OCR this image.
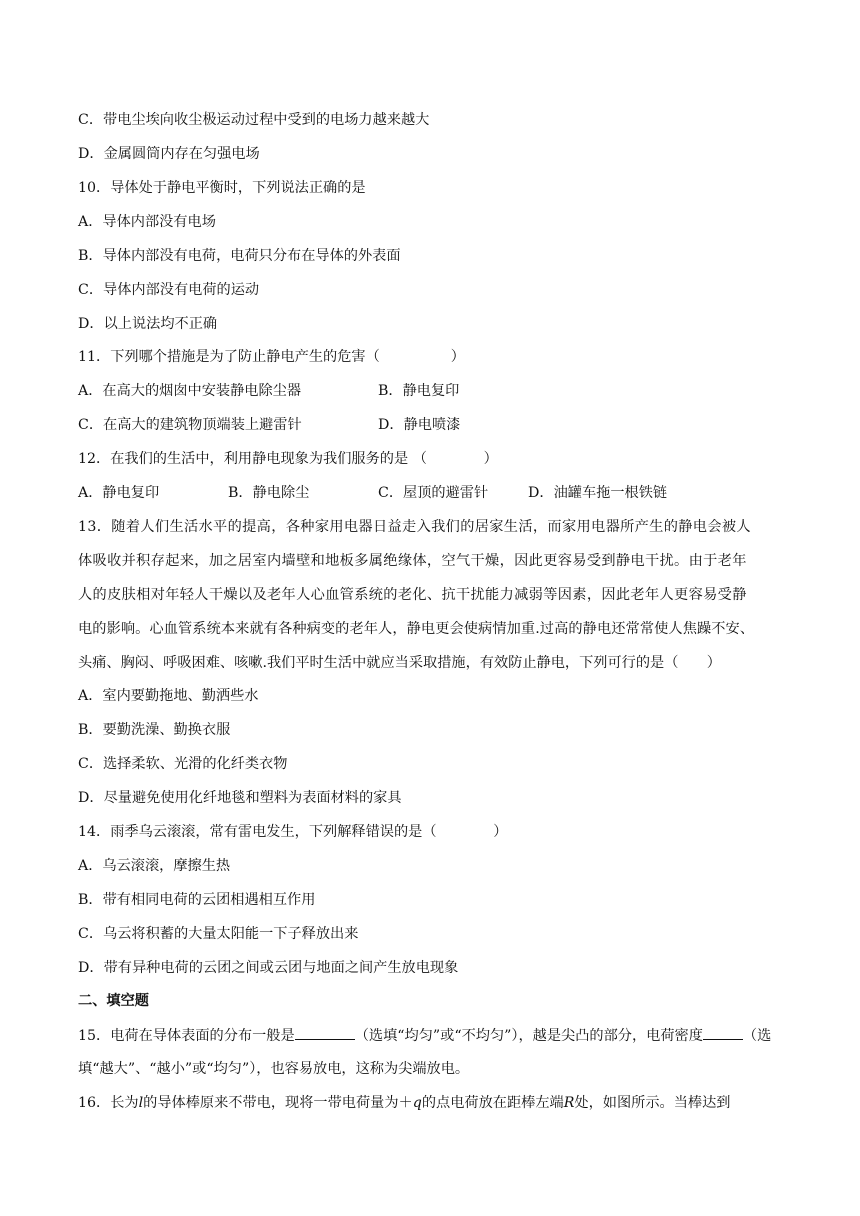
C．带电尘埃向收尘极运动过程中受到的电场力越来越大
D．金属圆筒内存在匀强电场
10．导体处于静电平衡时，下列说法正确的是
A．导体内部没有电场
B．导体内部没有电荷，电荷只分布在导体的外表面
C．导体内部没有电荷的运动
D．以上说法均不正确
11．下列哪个措施是为了防止静电产生的危害（　　　　　）
A．在高大的烟囱中安装静电除尘器	B．静电复印
C．在高大的建筑物顶端装上避雷针	D．静电喷漆
12．在我们的生活中，利用静电现象为我们服务的是 （　　　　）
A．静电复印	B．静电除尘	C．屋顶的避雷针	D．油罐车拖一根铁链
13．随着人们生活水平的提高，各种家用电器日益走入我们的居家生活，而家用电器所产生的静电会被人
体吸收并积存起来，加之居室内墙壁和地板多属绝缘体，空气干燥，因此更容易受到静电干扰。由于老年
人的皮肤相对年轻人干燥以及老年人心血管系统的老化、抗干扰能力减弱等因素，因此老年人更容易受静
电的影响。心血管系统本来就有各种病变的老年人，静电更会使病情加重.过高的静电还常常使人焦躁不安、
头痛、胸闷、呼吸困难、咳嗽.我们平时生活中就应当采取措施，有效防止静电，下列可行的是（　　）
A．室内要勤拖地、勤洒些水
B．要勤洗澡、勤换衣服
C．选择柔软、光滑的化纤类衣物
D．尽量避免使用化纤地毯和塑料为表面材料的家具
14．雨季乌云滚滚，常有雷电发生，下列解释错误的是（　　　　）
A．乌云滚滚，摩擦生热
B．带有相同电荷的云团相遇相互作用
C．乌云将积蓄的大量太阳能一下子释放出来
D．带有异种电荷的云团之间或云团与地面之间产生放电现象
二、填空题
15．电荷在导体表面的分布一般是	（选填“均匀”或“不均匀”），越是尖凸的部分，电荷密度	（选
填“越大”、“越小”或“均匀”），也容易放电，这称为尖端放电。
16．长为l的导体棒原来不带电，现将一带电荷量为＋q的点电荷放在距棒左端R处，如图所示。当棒达到
